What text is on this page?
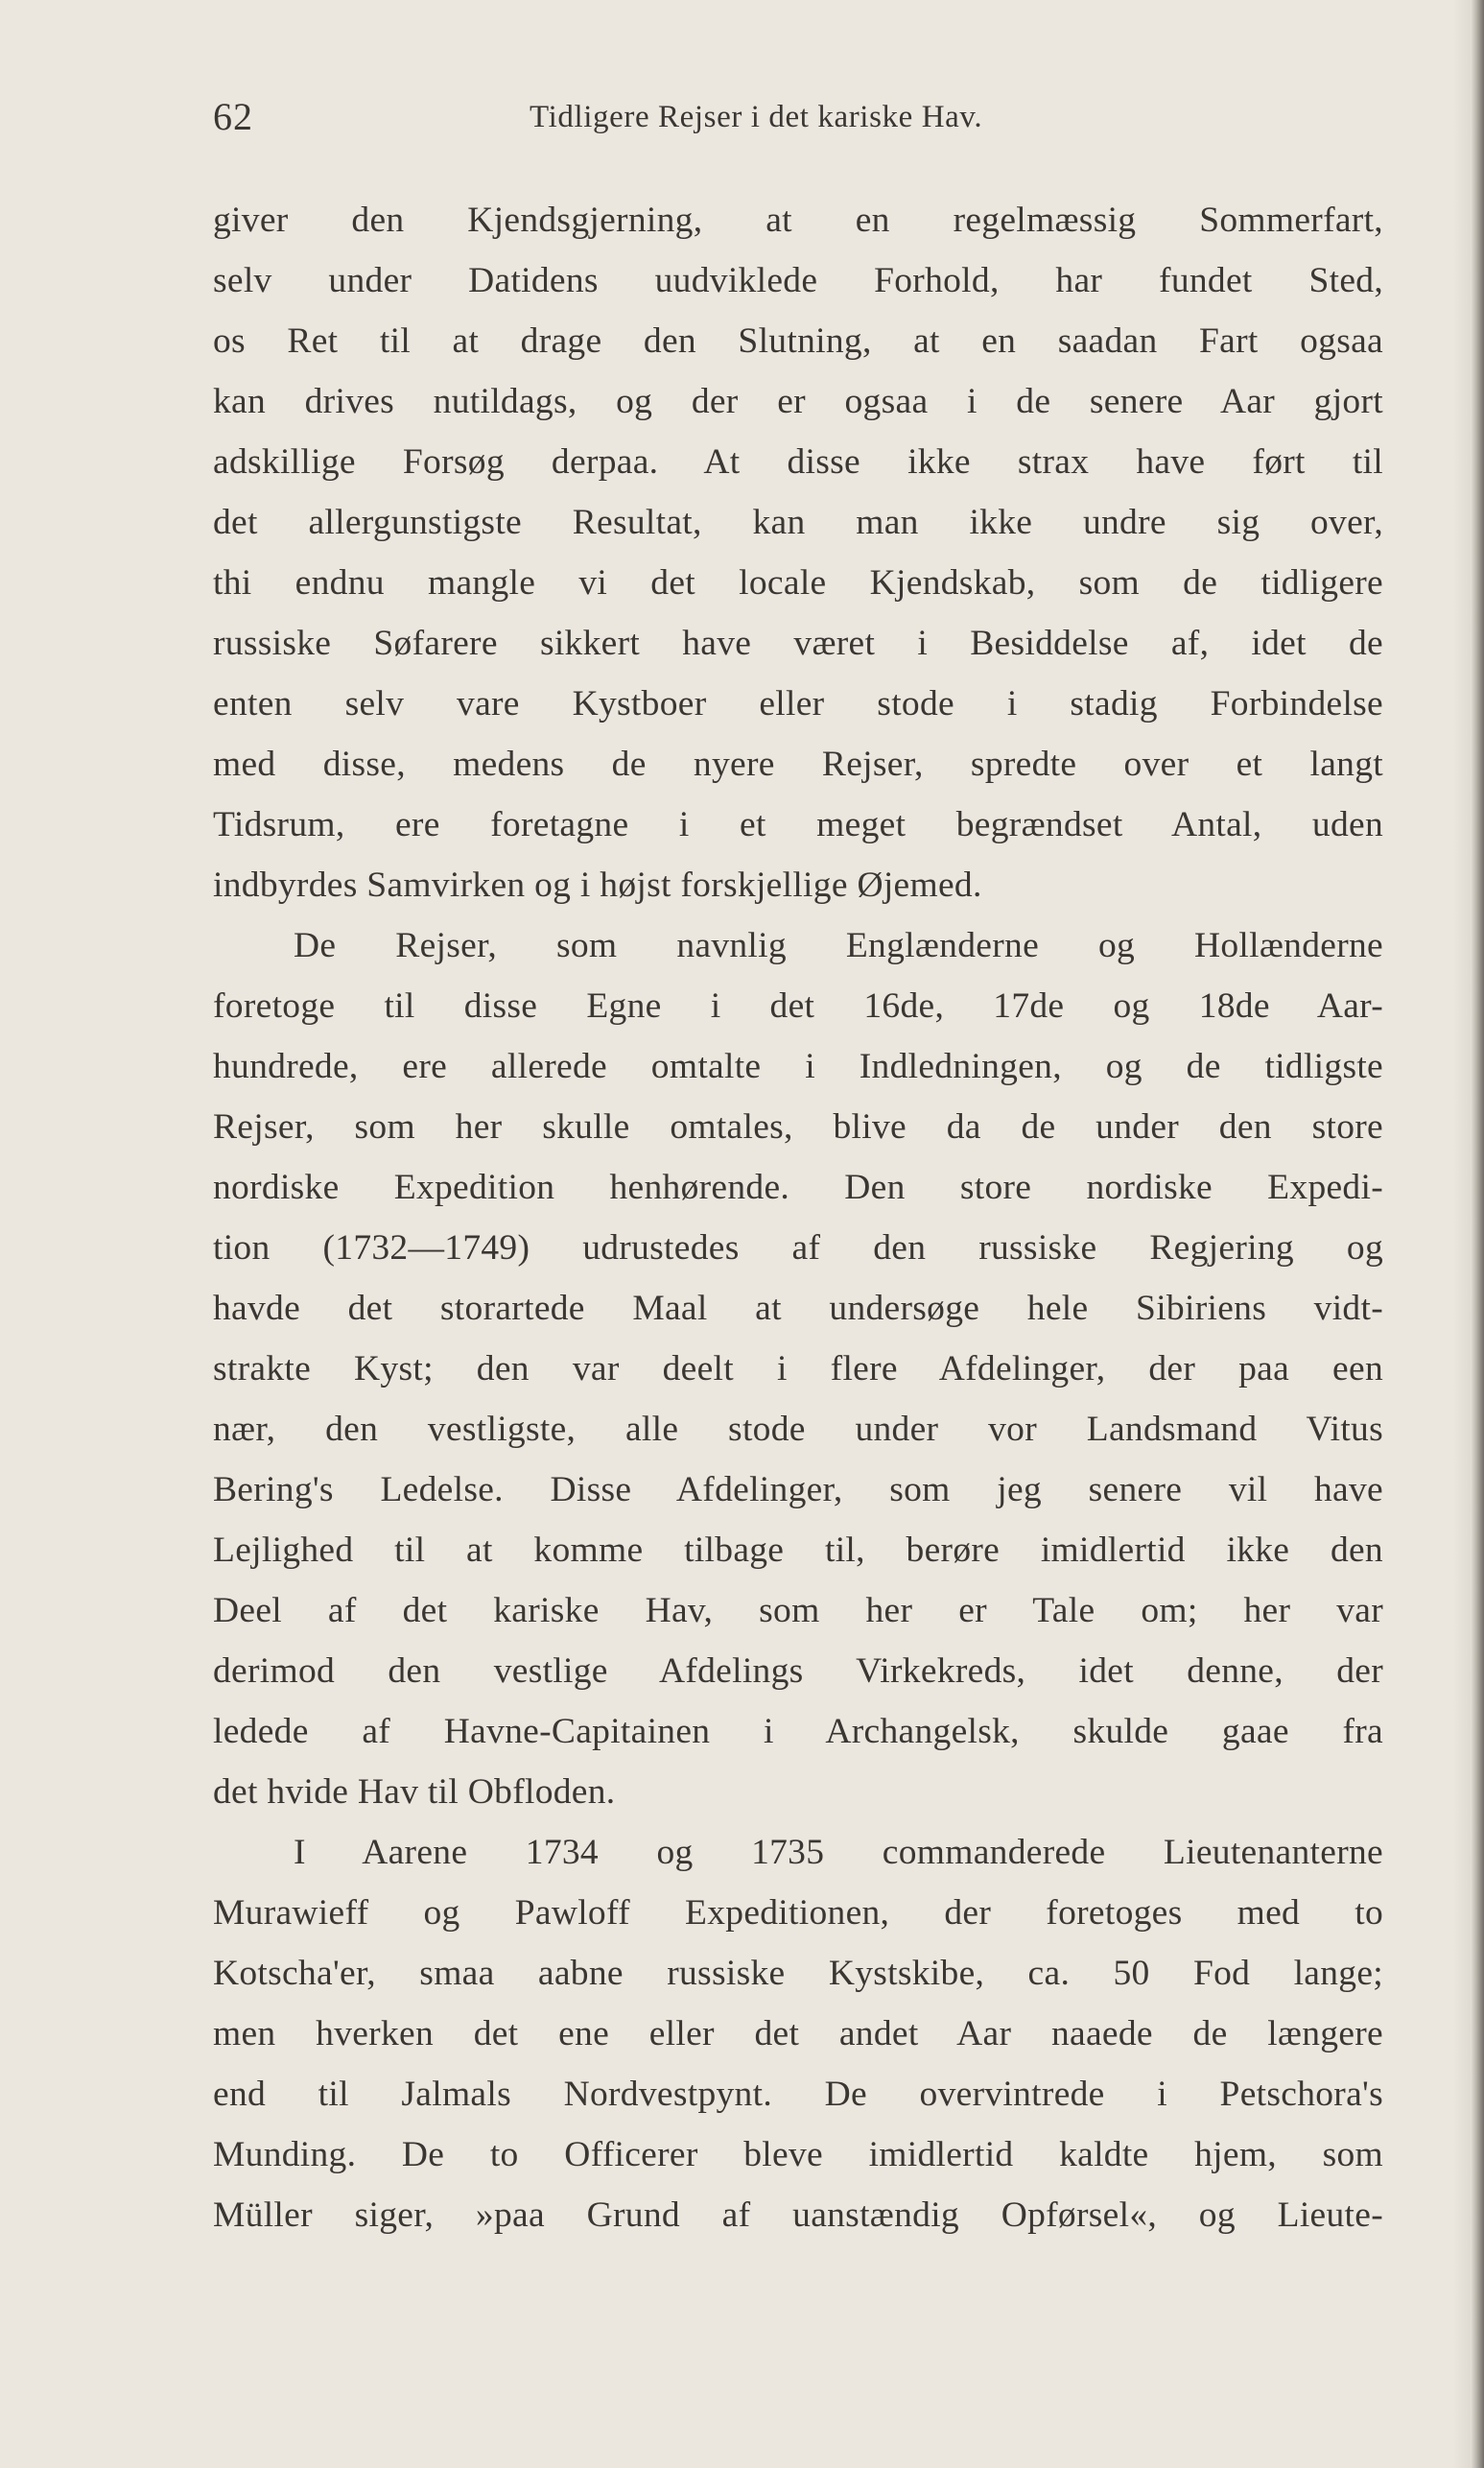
62	Tidligere Rejser i det kariske Hav.
giver den Kjendsgjerning, at en regelmæssig Sommerfart,
selv under Datidens uudviklede Forhold, har fundet Sted,
os Ret til at drage den Slutning, at en saadan Fart ogsaa
kan drives nutildags, og der er ogsaa i de senere Aar gjort
adskillige Forsøg derpaa. At disse ikke strax have ført til
det allergunstigste Resultat, kan man ikke undre sig over,
thi endnu mangle vi det locale Kjendskab, som de tidligere
russiske Søfarere sikkert have været i Besiddelse af, idet de
enten selv vare Kystboer eller stode i stadig Forbindelse
med disse, medens de nyere Rejser, spredte over et langt
Tidsrum, ere foretagne i et meget begrændset Antal, uden
indbyrdes Samvirken og i højst forskjellige Øjemed.
De Rejser, som navnlig Englænderne og Hollænderne
foretoge til disse Egne i det 16de, 17de og 18de Aar-
hundrede, ere allerede omtalte i Indledningen, og de tidligste
Rejser, som her skulle omtales, blive da de under den store
nordiske Expedition henhørende. Den store nordiske Expedi-
tion (1732—1749) udrustedes af den russiske Regjering og
havde det storartede Maal at undersøge hele Sibiriens vidt-
strakte Kyst; den var deelt i flere Afdelinger, der paa een
nær, den vestligste, alle stode under vor Landsmand Vitus
Bering's Ledelse. Disse Afdelinger, som jeg senere vil have
Lejlighed til at komme tilbage til, berøre imidlertid ikke den
Deel af det kariske Hav, som her er Tale om; her var
derimod den vestlige Afdelings Virkekreds, idet denne, der
ledede af Havne-Capitainen i Archangelsk, skulde gaae fra
det hvide Hav til Obfloden.
I Aarene 1734 og 1735 commanderede Lieutenanterne
Murawieff og Pawloff Expeditionen, der foretoges med to
Kotscha'er, smaa aabne russiske Kystskibe, ca. 50 Fod lange;
men hverken det ene eller det andet Aar naaede de længere
end til Jalmals Nordvestpynt. De overvintrede i Petschora's
Munding. De to Officerer bleve imidlertid kaldte hjem, som
Müller siger, »paa Grund af uanstændig Opførsel«, og Lieute-
